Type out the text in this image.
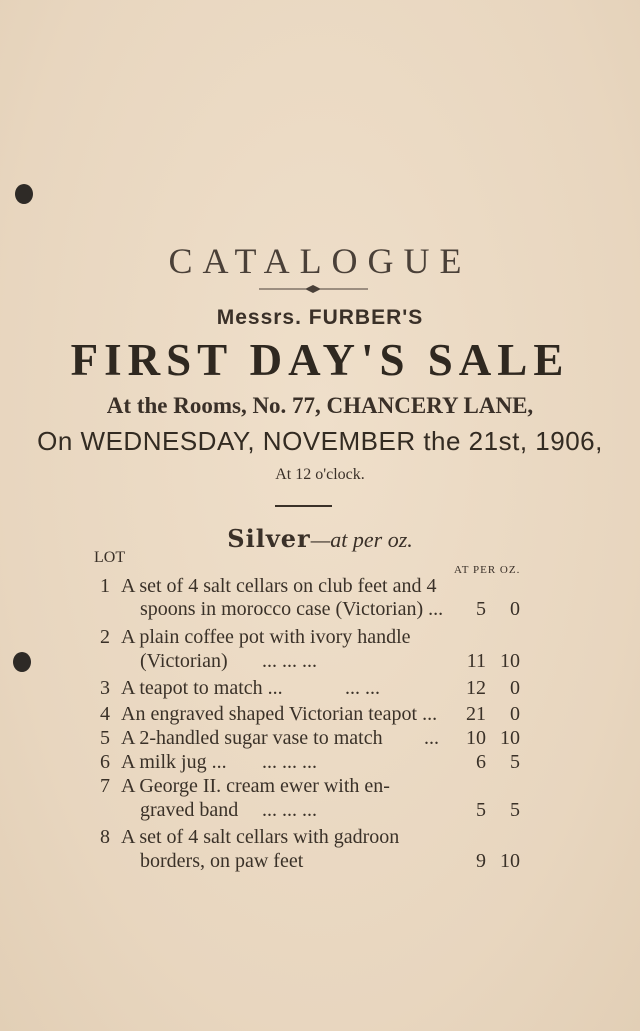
CATALOGUE
Messrs. FURBER'S
FIRST DAY'S SALE
At the Rooms, No. 77, CHANCERY LANE,
On WEDNESDAY, NOVEMBER the 21st, 1906,
At 12 o'clock.
Silver—at per oz.
LOT
AT PER OZ.
1 A set of 4 salt cellars on club feet and 4
spoons in morocco case (Victorian) ...	5	0
2 A plain coffee pot with ivory handle
(Victorian) ... ... ...	11 10
3 A teapot to match ...	... ...	12	0
4 An engraved shaped Victorian teapot ...	21	0
5 A 2-handled sugar vase to match ...	10 10
6 A milk jug ... ... ... ...	6	5
7 A George II. cream ewer with en-
graved band ... ... ...	5	5
8 A set of 4 salt cellars with gadroon
borders, on paw feet	9 10
